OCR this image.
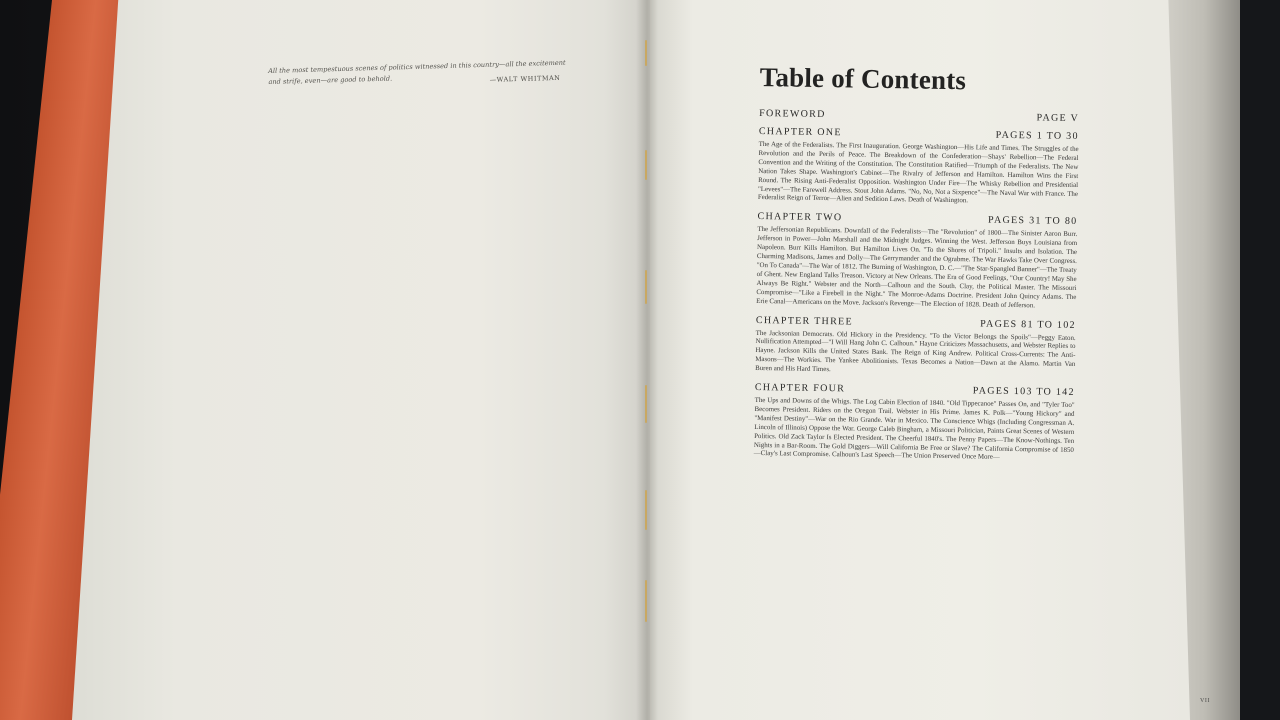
All the most tempestuous scenes of politics witnessed in this country—all the excitement and strife, even—are good to behold.	—WALT WHITMAN	Table of Contents
FOREWORD	PAGE V
CHAPTER ONE	PAGES 1 TO 30

The Age of the Federalists. The First Inauguration. George Washington—His Life and Times. The Struggles of the Revolution and the Perils of Peace. The Breakdown of the Confederation—Shays' Rebellion—The Federal Convention and the Writing of the Constitution. The Constitution Ratified—Triumph of the Federalists. The New Nation Takes Shape. Washington's Cabinet—The Rivalry of Jefferson and Hamilton. Hamilton Wins the First Round. The Rising Anti-Federalist Opposition. Washington Under Fire—The Whisky Rebellion and Presidential "Levees"—The Farewell Address. Stout John Adams. "No, No, Not a Sixpence"—The Naval War with France. The Federalist Reign of Terror—Alien and Sedition Laws. Death of Washington.

CHAPTER TWO	PAGES 31 TO 80

The Jeffersonian Republicans. Downfall of the Federalists—The "Revolution" of 1800—The Sinister Aaron Burr. Jefferson in Power—John Marshall and the Midnight Judges. Winning the West. Jefferson Buys Louisiana from Napoleon. Burr Kills Hamilton. But Hamilton Lives On. "To the Shores of Tripoli." Insults and Isolation. The Charming Madisons, James and Dolly—The Gerrymander and the Ograbme. The War Hawks Take Over Congress. "On To Canada"—The War of 1812. The Burning of Washington, D. C.—"The Star-Spangled Banner"—The Treaty of Ghent. New England Talks Treason. Victory at New Orleans. The Era of Good Feelings, "Our Country! May She Always Be Right." Webster and the North—Calhoun and the South. Clay, the Political Master. The Missouri Compromise—"Like a Firebell in the Night." The Monroe-Adams Doctrine. President John Quincy Adams. The Erie Canal—Americans on the Move. Jackson's Revenge—The Election of 1828. Death of Jefferson.

CHAPTER THREE	PAGES 81 TO 102

The Jacksonian Democrats. Old Hickory in the Presidency. "To the Victor Belongs the Spoils"—Peggy Eaton. Nullification Attempted—"I Will Hang John C. Calhoun." Hayne Criticizes Massachusetts, and Webster Replies to Hayne. Jackson Kills the United States Bank. The Reign of King Andrew. Political Cross-Currents: The Anti-Masons—The Workies. The Yankee Abolitionists. Texas Becomes a Nation—Dawn at the Alamo. Martin Van Buren and His Hard Times.

CHAPTER FOUR	PAGES 103 TO 142

The Ups and Downs of the Whigs. The Log Cabin Election of 1840. "Old Tippecanoe" Passes On, and "Tyler Too" Becomes President. Riders on the Oregon Trail. Webster in His Prime. James K. Polk—"Young Hickory" and "Manifest Destiny"—War on the Rio Grande. War in Mexico. The Conscience Whigs (Including Congressman A. Lincoln of Illinois) Oppose the War. George Caleb Bingham, a Missouri Politician, Paints Great Scenes of Western Politics. Old Zack Taylor Is Elected President. The Cheerful 1840's. The Penny Papers—The Know-Nothings. Ten Nights in a Bar-Room. The Gold Diggers—Will California Be Free or Slave? The California Compromise of 1850—Clay's Last Compromise. Calhoun's Last Speech—The Union Preserved Once More—

VII
